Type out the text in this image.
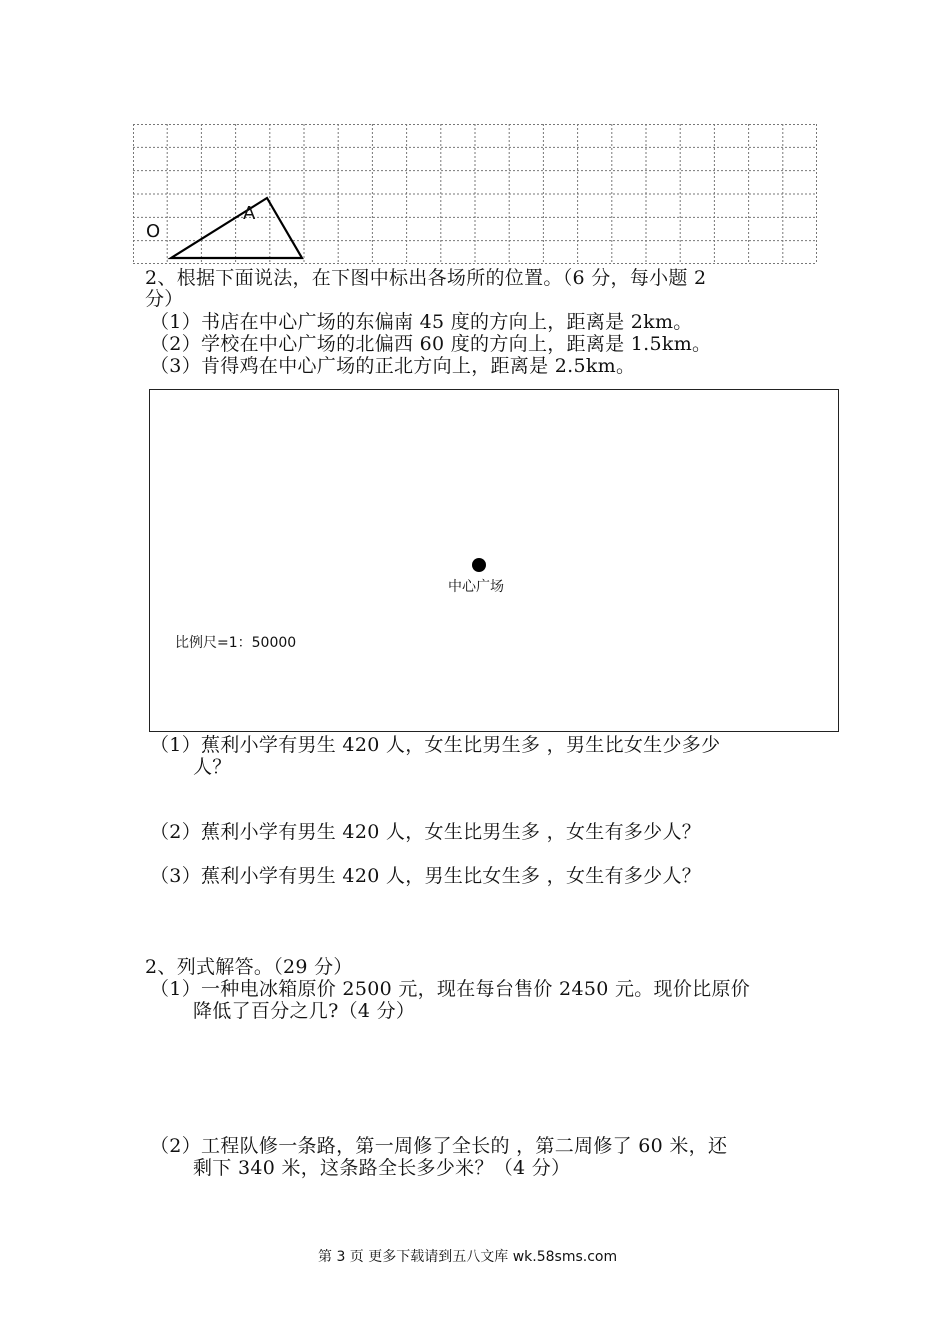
O
A
2、根据下面说法，在下图中标出各场所的位置。（6 分，每小题 2
分）
（1）书店在中心广场的东偏南 45 度的方向上，距离是 2km。
（2）学校在中心广场的北偏西 60 度的方向上，距离是 1.5km。
（3）肯得鸡在中心广场的正北方向上，距离是 2.5km。
中心广场
比例尺=1：50000
（1）蕉利小学有男生 420 人，女生比男生多 ，男生比女生少多少
人？
（2）蕉利小学有男生 420 人，女生比男生多 ，女生有多少人？
（3）蕉利小学有男生 420 人，男生比女生多 ，女生有多少人？
2、列式解答。（29 分）
（1）一种电冰箱原价 2500 元，现在每台售价 2450 元。现价比原价
降低了百分之几?（4 分）
（2）工程队修一条路，第一周修了全长的 ，第二周修了 60 米，还
剩下 340 米，这条路全长多少米？（4 分）
第 3 页 更多下载请到五八文库 wk.58sms.com
